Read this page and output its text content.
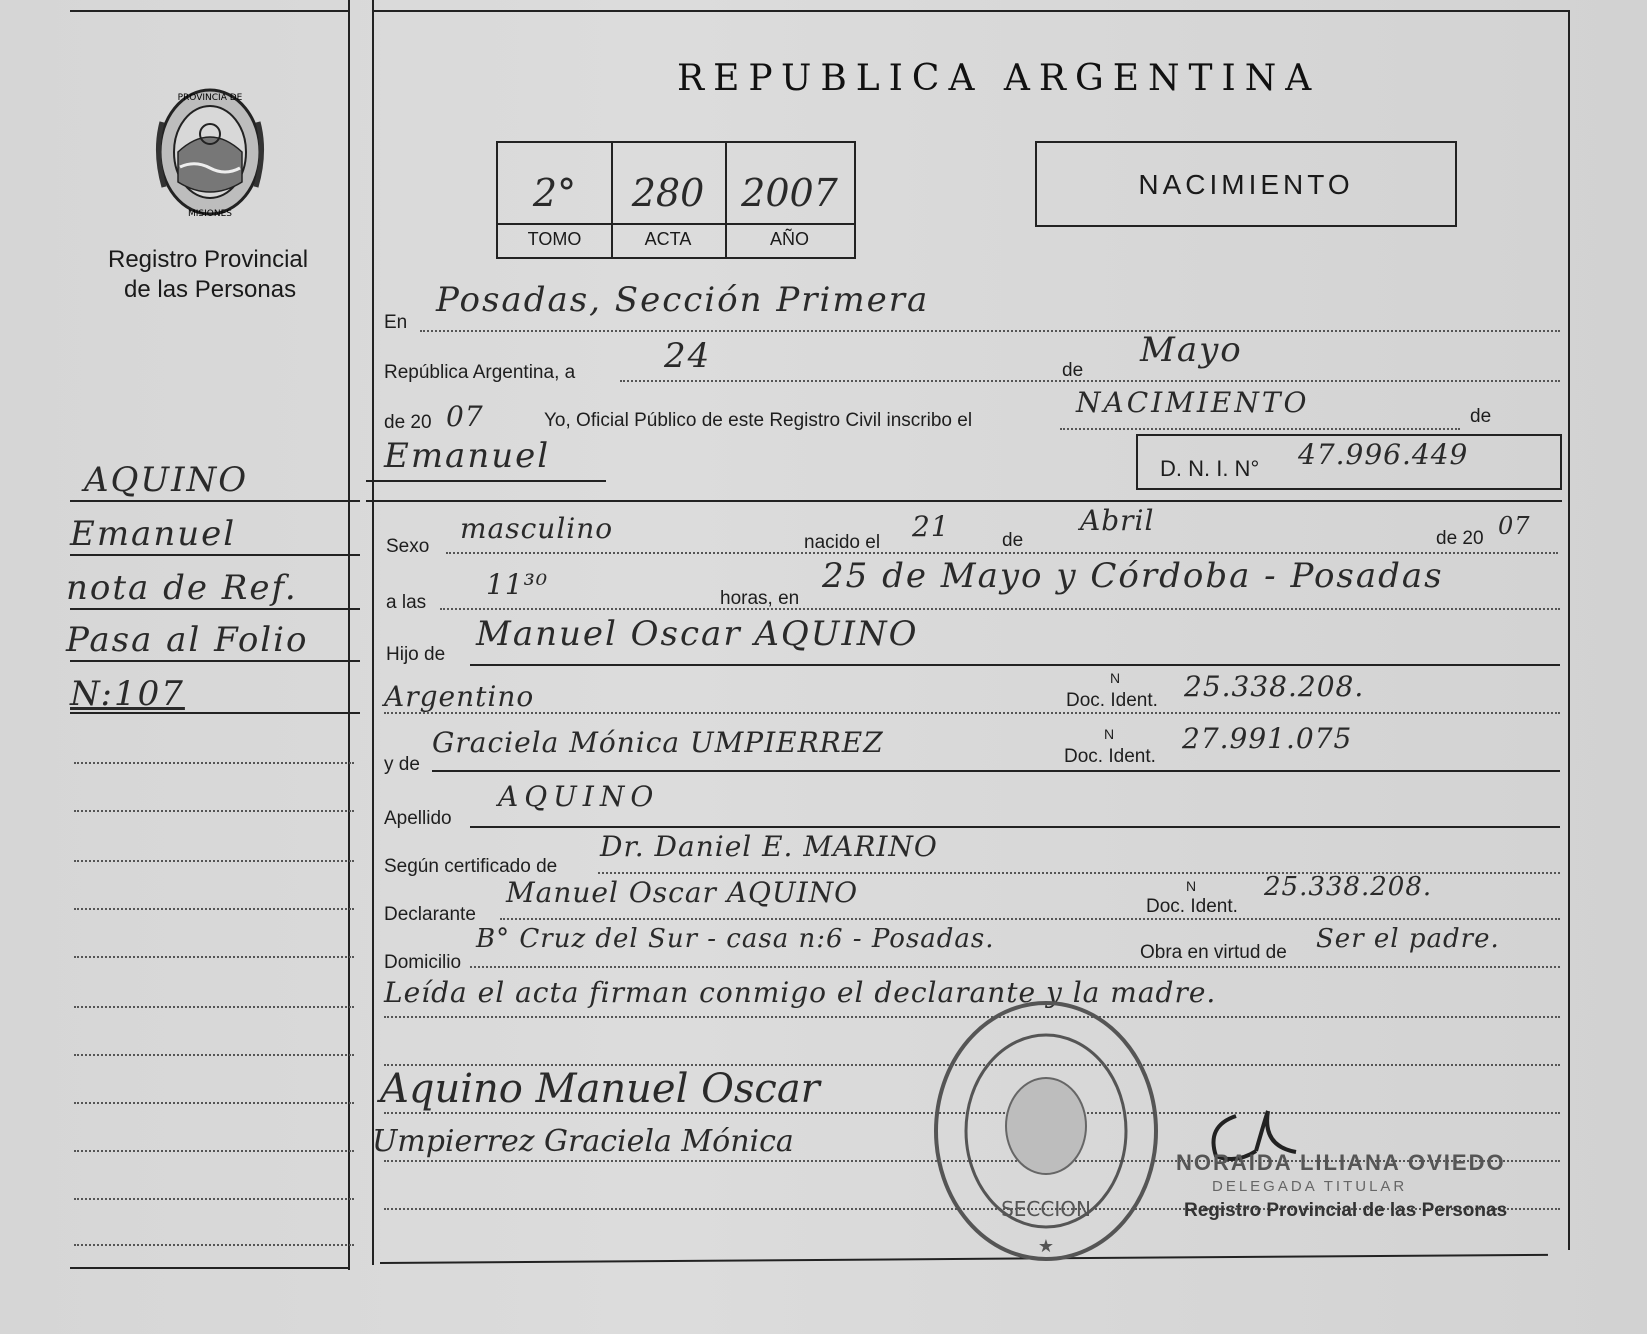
PROVINCIA DE
MISIONES
Registro Provincial
de las Personas
REPUBLICA ARGENTINA
2°	280 2007
TOMO	ACTA	AÑO
NACIMIENTO
AQUINO
Emanuel
nota de Ref.
Pasa al Folio
N:107
En
Posadas, Sección Primera
República Argentina, a	24	de
Mayo
de 20 07	Yo, Oficial Público de este Registro Civil inscribo el
NACIMIENTO	de
Emanuel	D. N. I. N° 47.996.449
Sexo
masculino	nacido el 21	de
Abril
de 20 07
a las
11³⁰	horas, en
25 de Mayo y Córdoba - Posadas
Hijo de
Manuel Oscar AQUINO
Argentino
N
Doc. Ident. 25.338.208.
y de
Graciela Mónica UMPIERREZ	N
Doc. Ident.
27.991.075
Apellido
AQUINO
Según certificado de
Dr. Daniel E. MARINO
Declarante
Manuel Oscar AQUINO	N
Doc. Ident.
25.338.208.
Domicilio
B° Cruz del Sur - casa n:6 - Posadas.	Obra en virtud de Ser el padre.
Leída el acta firman conmigo el declarante y la madre.
Aquino Manuel Oscar
Umpierrez Graciela Mónica
SECCION
★
NORAIDA LILIANA OVIEDO
DELEGADA TITULAR
Registro Provincial de las Personas
